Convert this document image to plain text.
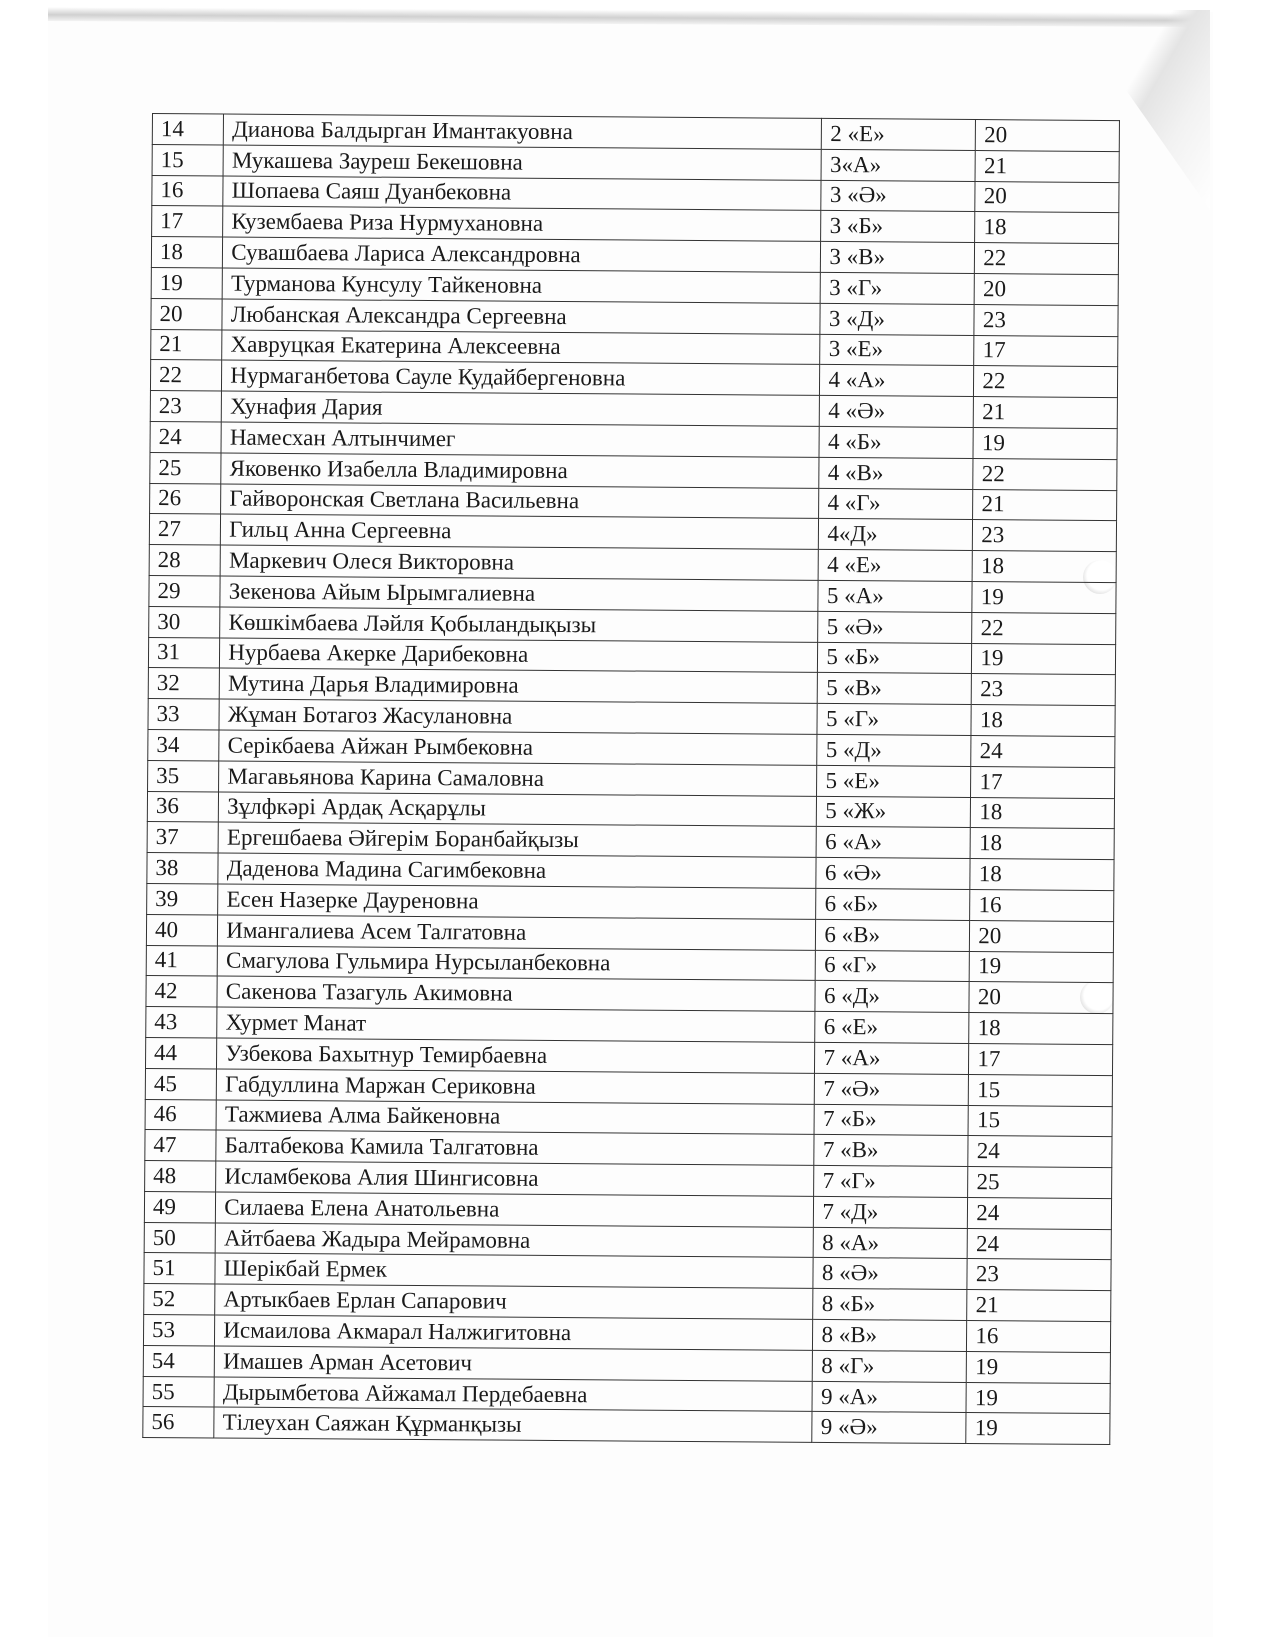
14	Дианова Балдырган Имантакуовна	2 «Е»	20
15	Мукашева Зауреш Бекешовна	3«А»	21
16	Шопаева Саяш Дуанбековна	3 «Ә»	20
17	Кузембаева Риза Нурмухановна	3 «Б»	18
18	Сувашбаева Лариса Александровна	3 «В»	22
19	Турманова Кунсулу Тайкеновна	3 «Г»	20
20	Любанская Александра Сергеевна	3 «Д»	23
21	Хавруцкая Екатерина Алексеевна	3 «Е»	17
22	Нурмаганбетова Сауле Кудайбергеновна	4 «А»	22
23	Хунафия Дария	4 «Ә»	21
24	Намесхан Алтынчимег	4 «Б»	19
25	Яковенко Изабелла Владимировна	4 «В»	22
26	Гайворонская Светлана Васильевна	4 «Г»	21
27	Гильц Анна Сергеевна	4«Д»	23
28	Маркевич Олеся Викторовна	4 «Е»	18
29	Зекенова Айым Ырымгалиевна	5 «А»	19
30	Көшкімбаева Ләйля Қобыландықызы	5 «Ә»	22
31	Нурбаева Акерке Дарибековна	5 «Б»	19
32	Мутина Дарья Владимировна	5 «В»	23
33	Жұман Ботагоз Жасулановна	5 «Г»	18
34	Серікбаева Айжан Рымбековна	5 «Д»	24
35	Магавьянова Карина Самаловна	5 «Е»	17
36	Зұлфкәрі Ардақ Асқарұлы	5 «Ж»	18
37	Ергешбаева Әйгерім Боранбайқызы	6 «А»	18
38	Даденова Мадина Сагимбековна	6 «Ә»	18
39	Есен Назерке Дауреновна	6 «Б»	16
40	Имангалиева Асем Талгатовна	6 «В»	20
41	Смагулова Гульмира Нурсыланбековна	6 «Г»	19
42	Сакенова Тазагуль Акимовна	6 «Д»	20
43	Хурмет Манат	6 «Е»	18
44	Узбекова Бахытнур Темирбаевна	7 «А»	17
45	Габдуллина Маржан Сериковна	7 «Ә»	15
46	Тажмиева Алма Байкеновна	7 «Б»	15
47	Балтабекова Камила Талгатовна	7 «В»	24
48	Исламбекова Алия Шингисовна	7 «Г»	25
49	Силаева Елена Анатольевна	7 «Д»	24
50	Айтбаева Жадыра Мейрамовна	8 «А»	24
51	Шерікбай Ермек	8 «Ә»	23
52	Артыкбаев Ерлан Сапарович	8 «Б»	21
53	Исмаилова Акмарал Налжигитовна	8 «В»	16
54	Имашев Арман Асетович	8 «Г»	19
55	Дырымбетова Айжамал Пердебаевна	9 «А»	19
56	Тілеухан Саяжан Құрманқызы	9 «Ә»	19
